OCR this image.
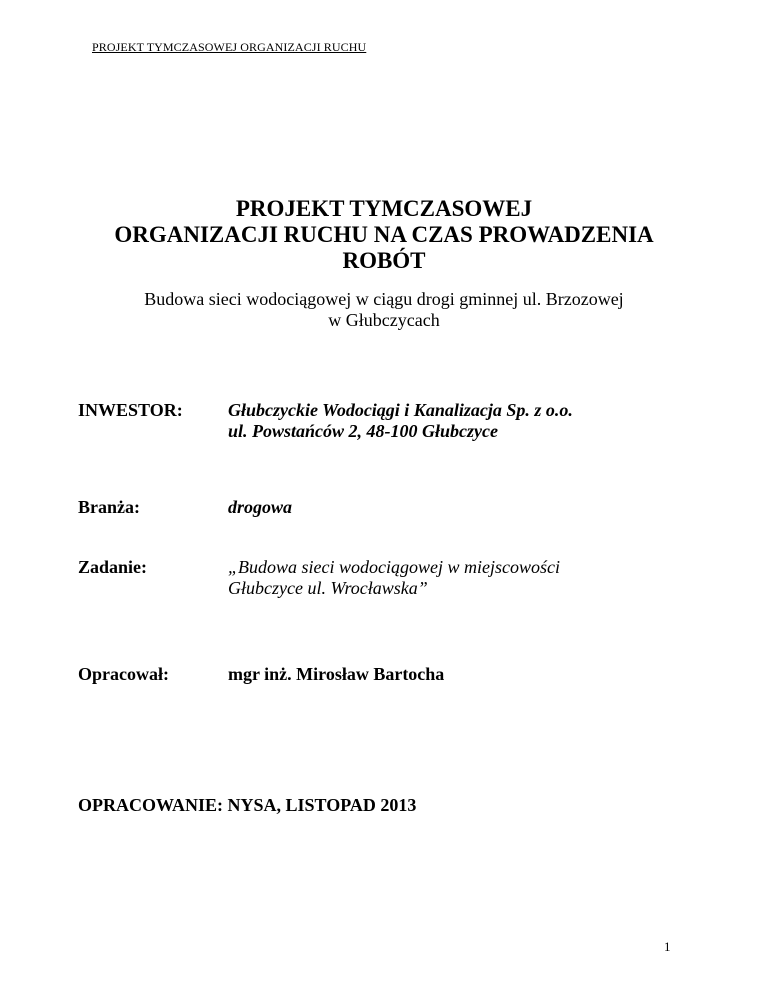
PROJEKT TYMCZASOWEJ ORGANIZACJI RUCHU
PROJEKT TYMCZASOWEJ
ORGANIZACJI RUCHU NA CZAS PROWADZENIA
ROBÓT
Budowa sieci wodociągowej w ciągu drogi gminnej ul. Brzozowej
w Głubczycach
INWESTOR:	Głubczyckie Wodociągi i Kanalizacja Sp. z o.o.
ul. Powstańców 2, 48-100 Głubczyce
Branża:	drogowa
Zadanie:	„Budowa sieci wodociągowej w miejscowości
Głubczyce ul. Wrocławska”
Opracował:	mgr inż. Mirosław Bartocha
OPRACOWANIE: NYSA, LISTOPAD 2013
1
